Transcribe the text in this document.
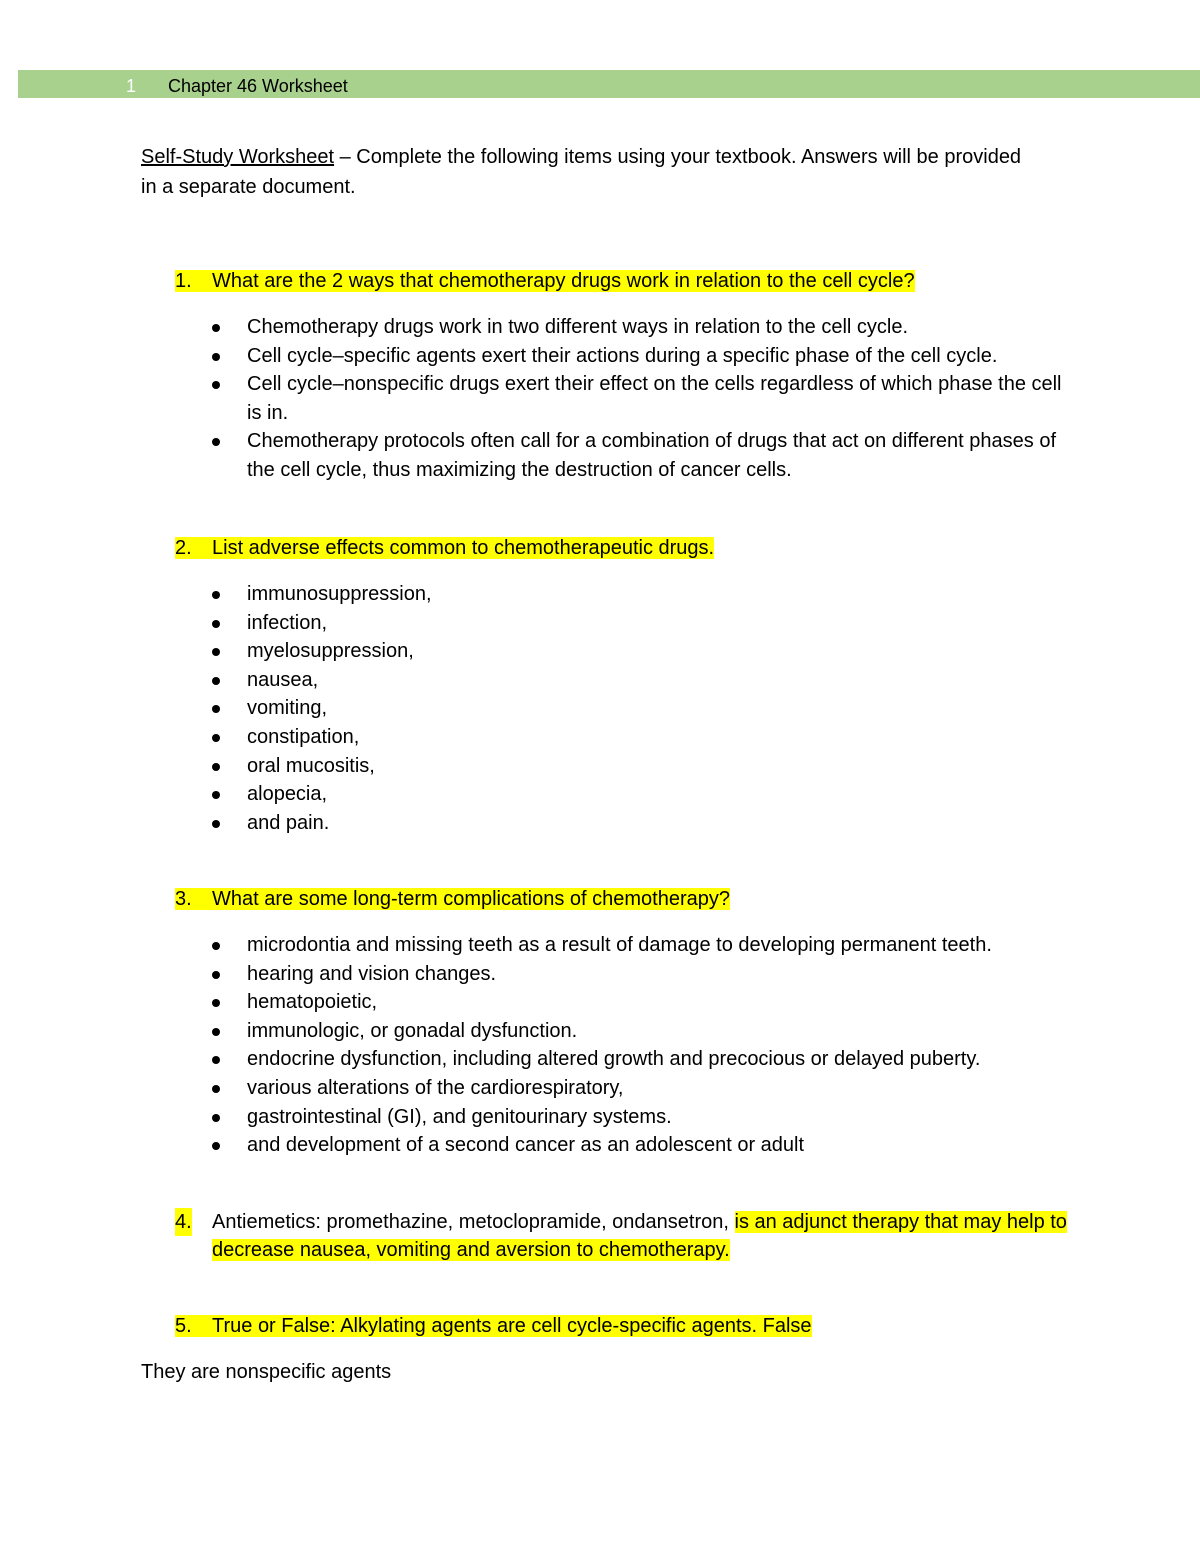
1 Chapter 46 Worksheet
Self-Study Worksheet – Complete the following items using your textbook. Answers will be provided in a separate document.
1. What are the 2 ways that chemotherapy drugs work in relation to the cell cycle?
Chemotherapy drugs work in two different ways in relation to the cell cycle.
Cell cycle–specific agents exert their actions during a specific phase of the cell cycle.
Cell cycle–nonspecific drugs exert their effect on the cells regardless of which phase the cell is in.
Chemotherapy protocols often call for a combination of drugs that act on different phases of the cell cycle, thus maximizing the destruction of cancer cells.
2. List adverse effects common to chemotherapeutic drugs.
immunosuppression,
infection,
myelosuppression,
nausea,
vomiting,
constipation,
oral mucositis,
alopecia,
and pain.
3. What are some long-term complications of chemotherapy?
microdontia and missing teeth as a result of damage to developing permanent teeth.
hearing and vision changes.
hematopoietic,
immunologic, or gonadal dysfunction.
endocrine dysfunction, including altered growth and precocious or delayed puberty.
various alterations of the cardiorespiratory,
gastrointestinal (GI), and genitourinary systems.
and development of a second cancer as an adolescent or adult
4. Antiemetics: promethazine, metoclopramide, ondansetron, is an adjunct therapy that may help to decrease nausea, vomiting and aversion to chemotherapy.
5. True or False: Alkylating agents are cell cycle-specific agents. False
They are nonspecific agents
